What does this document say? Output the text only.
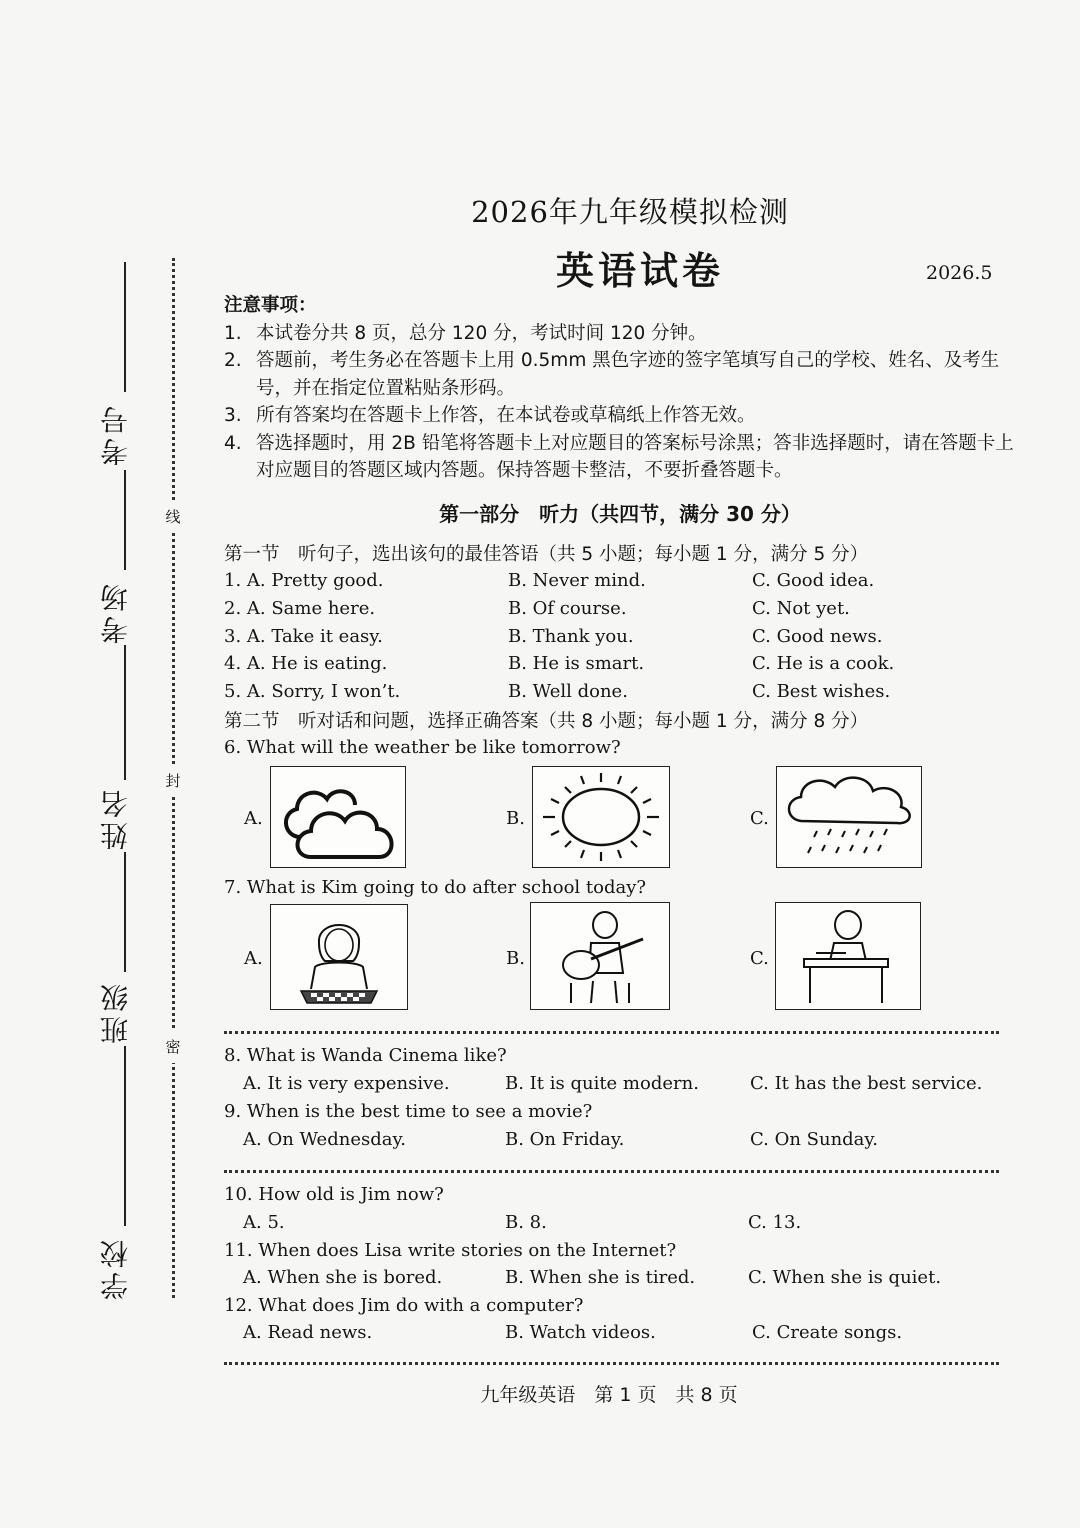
考号
考场
姓名
班级
学校
线
封
密
2026年九年级模拟检测
英语试卷	2026.5
注意事项：
1. 本试卷分共 8 页，总分 120 分，考试时间 120 分钟。
2. 答题前，考生务必在答题卡上用 0.5mm 黑色字迹的签字笔填写自己的学校、姓名、及考生号，并在指定位置粘贴条形码。
3. 所有答案均在答题卡上作答，在本试卷或草稿纸上作答无效。
4. 答选择题时，用 2B 铅笔将答题卡上对应题目的答案标号涂黑；答非选择题时，请在答题卡上对应题目的答题区域内答题。保持答题卡整洁，不要折叠答题卡。
第一部分　听力（共四节，满分 30 分）
第一节　听句子，选出该句的最佳答语（共 5 小题；每小题 1 分，满分 5 分）
1. A. Pretty good.	B. Never mind.	C. Good idea.
2. A. Same here.	B. Of course.	C. Not yet.
3. A. Take it easy.	B. Thank you.	C. Good news.
4. A. He is eating.	B. He is smart.	C. He is a cook.
5. A. Sorry, I won’t.	B. Well done.	C. Best wishes.
第二节　听对话和问题，选择正确答案（共 8 小题；每小题 1 分，满分 8 分）
6. What will the weather be like tomorrow?
A.	B.	C.
7. What is Kim going to do after school today?
A.	B.	C.
8. What is Wanda Cinema like?
A. It is very expensive.	B. It is quite modern.	C. It has the best service.
9. When is the best time to see a movie?
A. On Wednesday.	B. On Friday.	C. On Sunday.
10. How old is Jim now?
A. 5.	B. 8.	C. 13.
11. When does Lisa write stories on the Internet?
A. When she is bored.	B. When she is tired.	C. When she is quiet.
12. What does Jim do with a computer?
A. Read news.	B. Watch videos.	C. Create songs.
九年级英语　第 1 页　共 8 页
